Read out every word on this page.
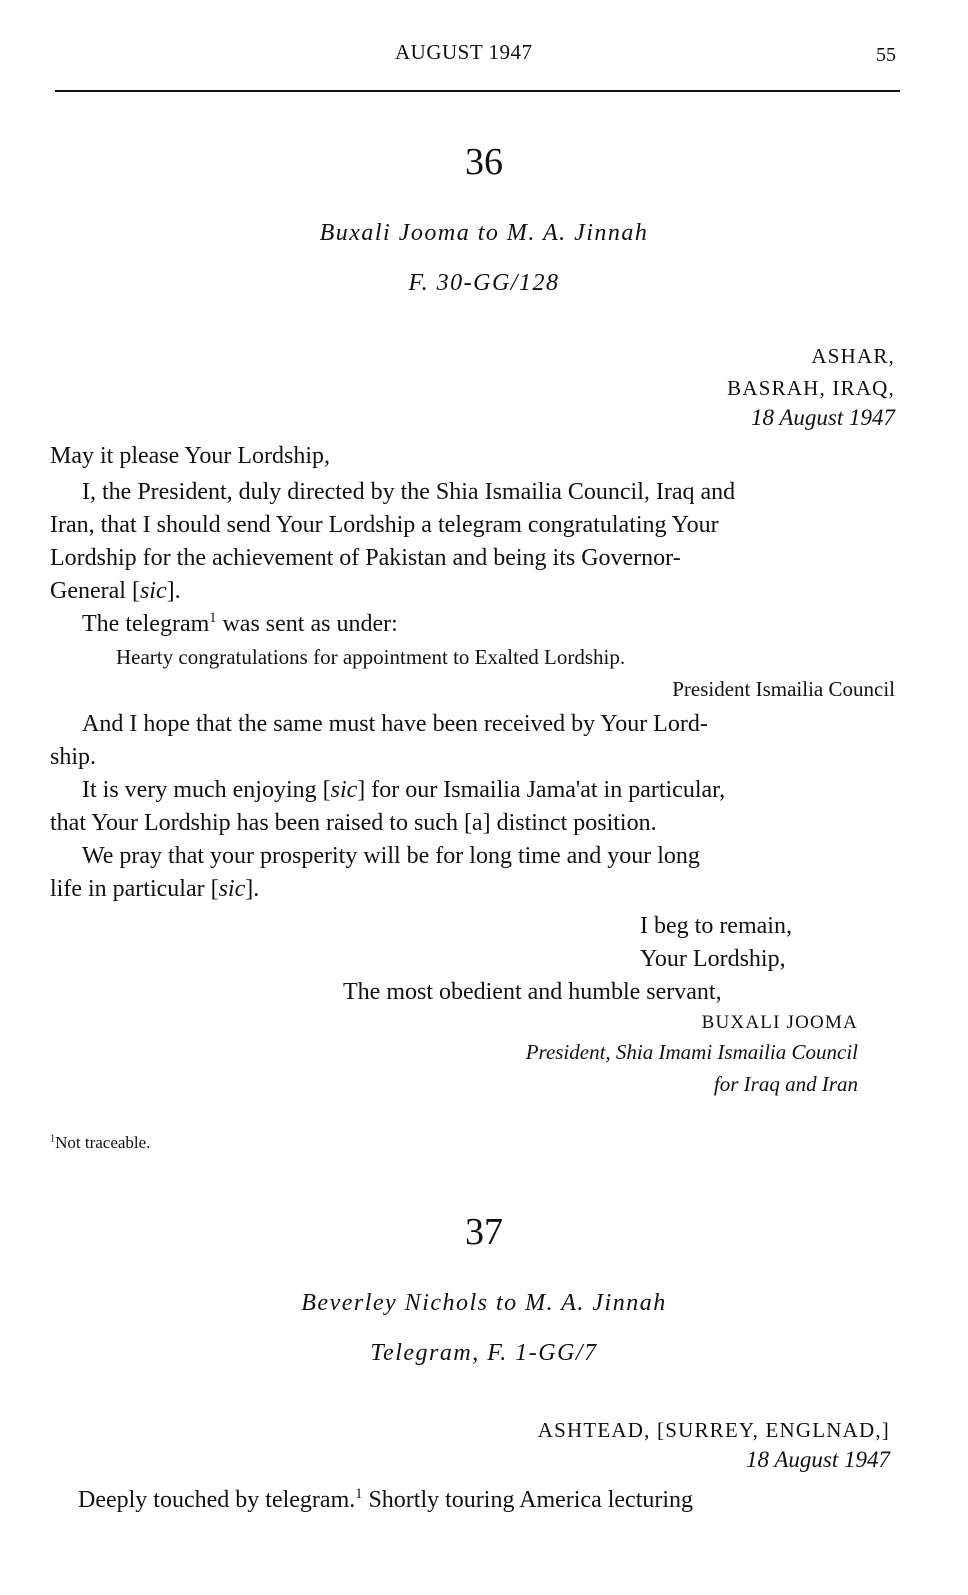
AUGUST 1947	55
36
Buxali Jooma to M. A. Jinnah
F. 30-GG/128
ASHAR,
BASRAH, IRAQ,
18 August 1947
May it please Your Lordship,
I, the President, duly directed by the Shia Ismailia Council, Iraq and
Iran, that I should send Your Lordship a telegram congratulating Your
Lordship for the achievement of Pakistan and being its Governor-
General [sic].
The telegram$^1$ was sent as under:
Hearty congratulations for appointment to Exalted Lordship.
President Ismailia Council
And I hope that the same must have been received by Your Lord-
ship.
It is very much enjoying [sic] for our Ismailia Jama'at in particular,
that Your Lordship has been raised to such [a] distinct position.
We pray that your prosperity will be for long time and your long
life in particular [sic].
I beg to remain,
Your Lordship,
The most obedient and humble servant,
BUXALI JOOMA
President, Shia Imami Ismailia Council
for Iraq and Iran
$^1$Not traceable.
37
Beverley Nichols to M. A. Jinnah
Telegram, F. 1-GG/7
ASHTEAD, [SURREY, ENGLNAD,]
18 August 1947
Deeply touched by telegram.$^1$ Shortly touring America lecturing
